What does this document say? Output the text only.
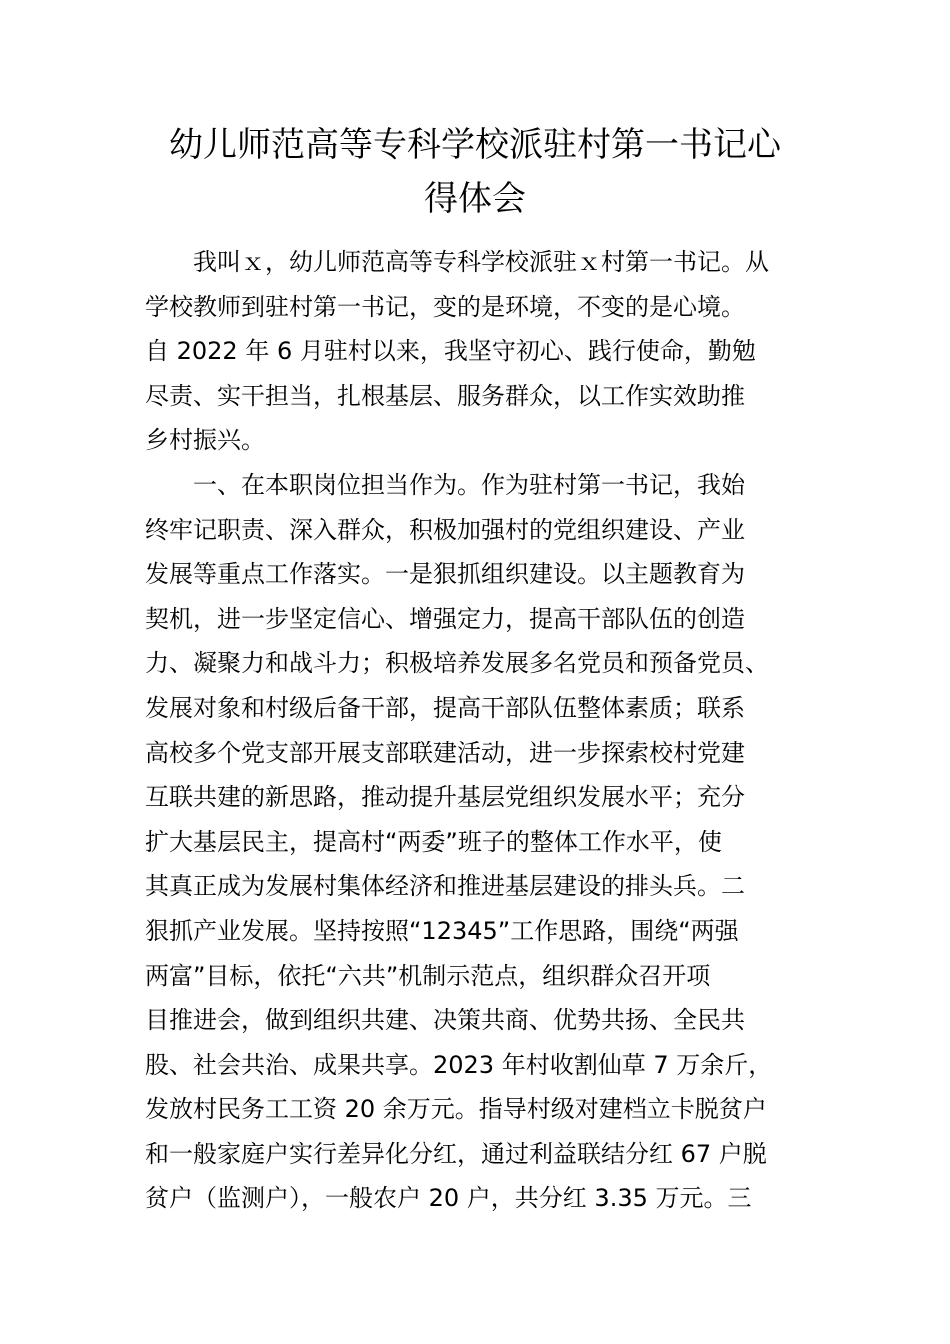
幼儿师范高等专科学校派驻村第一书记心
得体会
我叫ｘ，幼儿师范高等专科学校派驻ｘ村第一书记。从
学校教师到驻村第一书记，变的是环境，不变的是心境。
自 2022 年 6 月驻村以来，我坚守初心、践行使命，勤勉
尽责、实干担当，扎根基层、服务群众，以工作实效助推
乡村振兴。
一、在本职岗位担当作为。作为驻村第一书记，我始
终牢记职责、深入群众，积极加强村的党组织建设、产业
发展等重点工作落实。一是狠抓组织建设。以主题教育为
契机，进一步坚定信心、增强定力，提高干部队伍的创造
力、凝聚力和战斗力；积极培养发展多名党员和预备党员、
发展对象和村级后备干部，提高干部队伍整体素质；联系
高校多个党支部开展支部联建活动，进一步探索校村党建
互联共建的新思路，推动提升基层党组织发展水平；充分
扩大基层民主，提高村“两委”班子的整体工作水平，使
其真正成为发展村集体经济和推进基层建设的排头兵。二
狠抓产业发展。坚持按照“12345”工作思路，围绕“两强
两富”目标，依托“六共”机制示范点，组织群众召开项
目推进会，做到组织共建、决策共商、优势共扬、全民共
股、社会共治、成果共享。2023 年村收割仙草 7 万余斤，
发放村民务工工资 20 余万元。指导村级对建档立卡脱贫户
和一般家庭户实行差异化分红，通过利益联结分红 67 户脱
贫户（监测户），一般农户 20 户，共分红 3.35 万元。三
